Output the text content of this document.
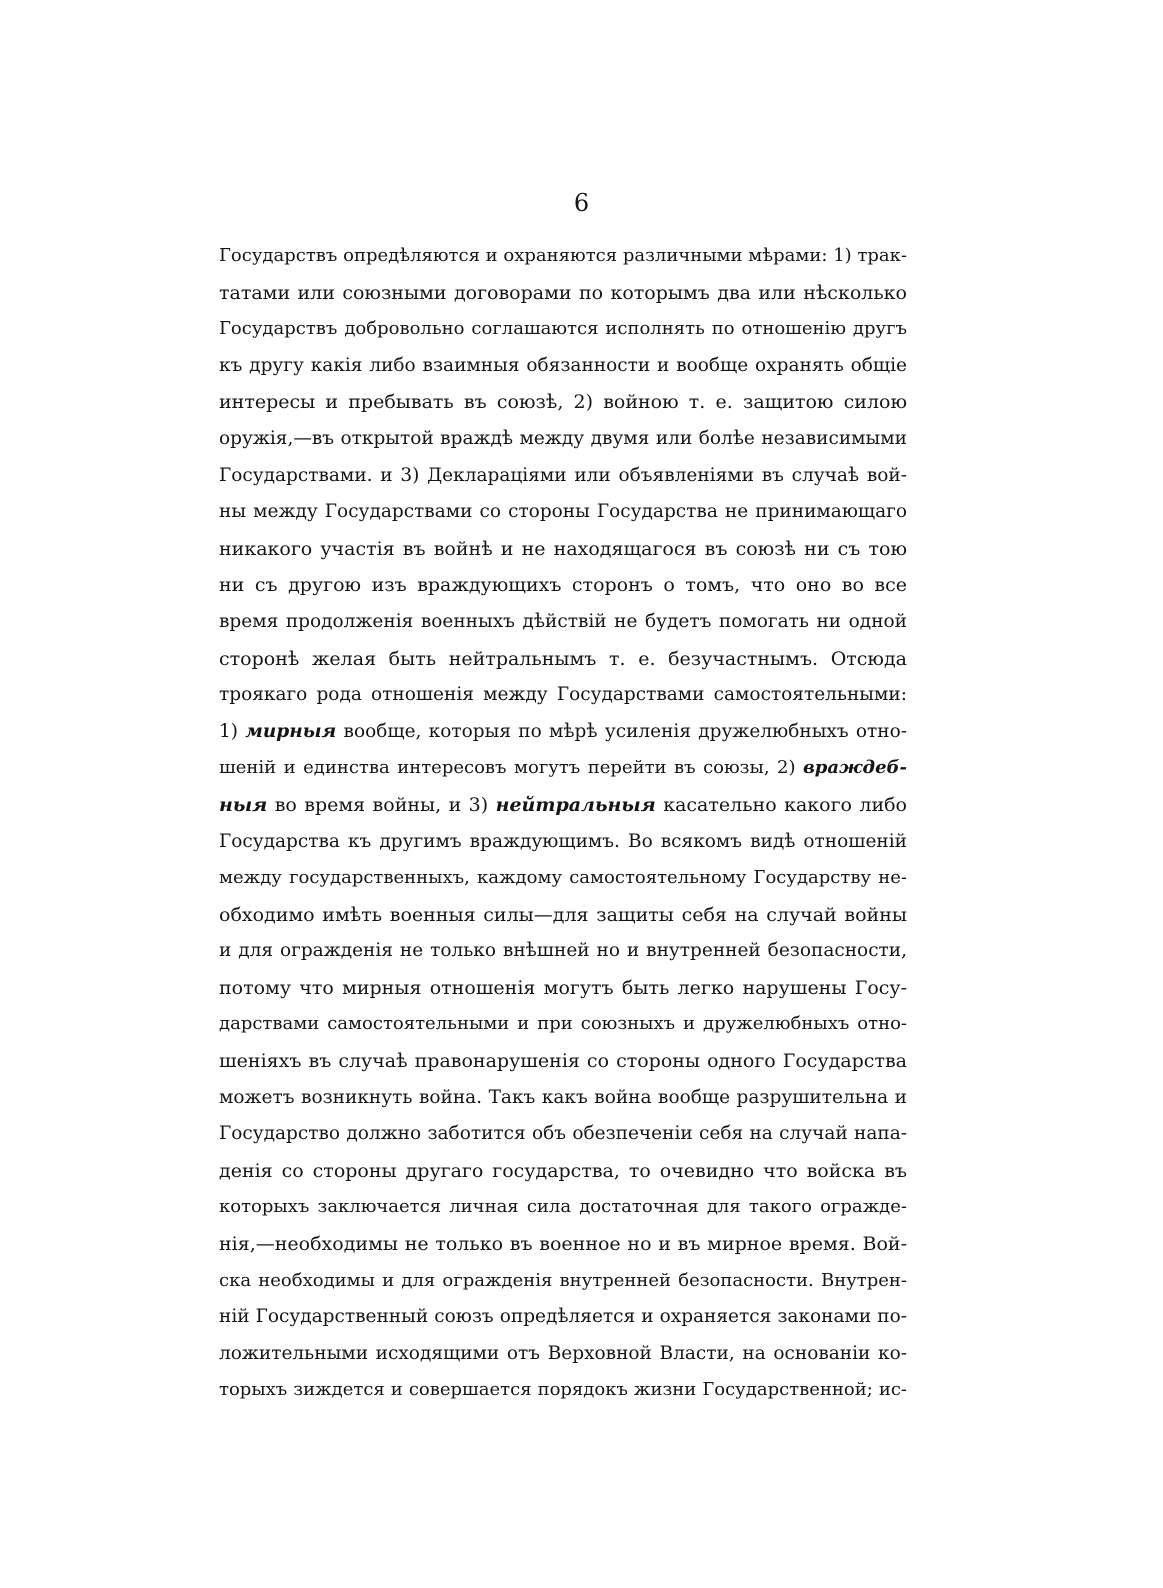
6
Государствъ опредѣляются и охраняются различными мѣрами: 1) трак-
татами или союзными договорами по которымъ два или нѣсколько
Государствъ добровольно соглашаются исполнять по отношенію другъ
къ другу какія либо взаимныя обязанности и вообще охранять общіе
интересы и пребывать въ союзѣ, 2) войною т. е. защитою силою
оружія,—въ открытой враждѣ между двумя или болѣе независимыми
Государствами. и 3) Декларацiями или объявленiями въ случаѣ вой-
ны между Государствами со стороны Государства не принимающаго
никакого участія въ войнѣ и не находящагося въ союзѣ ни съ тою
ни съ другою изъ враждующихъ сторонъ о томъ, что оно во все
время продолженія военныхъ дѣйствій не будетъ помогать ни одной
сторонѣ желая быть нейтральнымъ т. е. безучастнымъ. Отсюда
троякаго рода отношенія между Государствами самостоятельными:
1) мирныя вообще, которыя по мѣрѣ усиленія дружелюбныхъ отно-
шеній и единства интересовъ могутъ перейти въ союзы, 2) враждеб-
ныя во время войны, и 3) нейтральныя касательно какого либо
Государства къ другимъ враждующимъ. Во всякомъ видѣ отношеній
между государственныхъ, каждому самостоятельному Государству не-
обходимо имѣть военныя силы—для защиты себя на случай войны
и для огражденія не только внѣшней но и внутренней безопасности,
потому что мирныя отношенія могутъ быть легко нарушены Госу-
дарствами самостоятельными и при союзныхъ и дружелюбныхъ отно-
шеніяхъ въ случаѣ правонарушенія со стороны одного Государства
можетъ возникнуть война. Такъ какъ война вообще разрушительна и
Государство должно заботится объ обезпеченіи себя на случай напа-
денія со стороны другаго государства, то очевидно что войска въ
которыхъ заключается личная сила достаточная для такого огражде-
нія,—необходимы не только въ военное но и въ мирное время. Вой-
ска необходимы и для огражденія внутренней безопасности. Внутрен-
ній Государственный союзъ опредѣляется и охраняется законами по-
ложительными исходящими отъ Верховной Власти, на основаніи ко-
торыхъ зиждется и совершается порядокъ жизни Государственной; ис-
